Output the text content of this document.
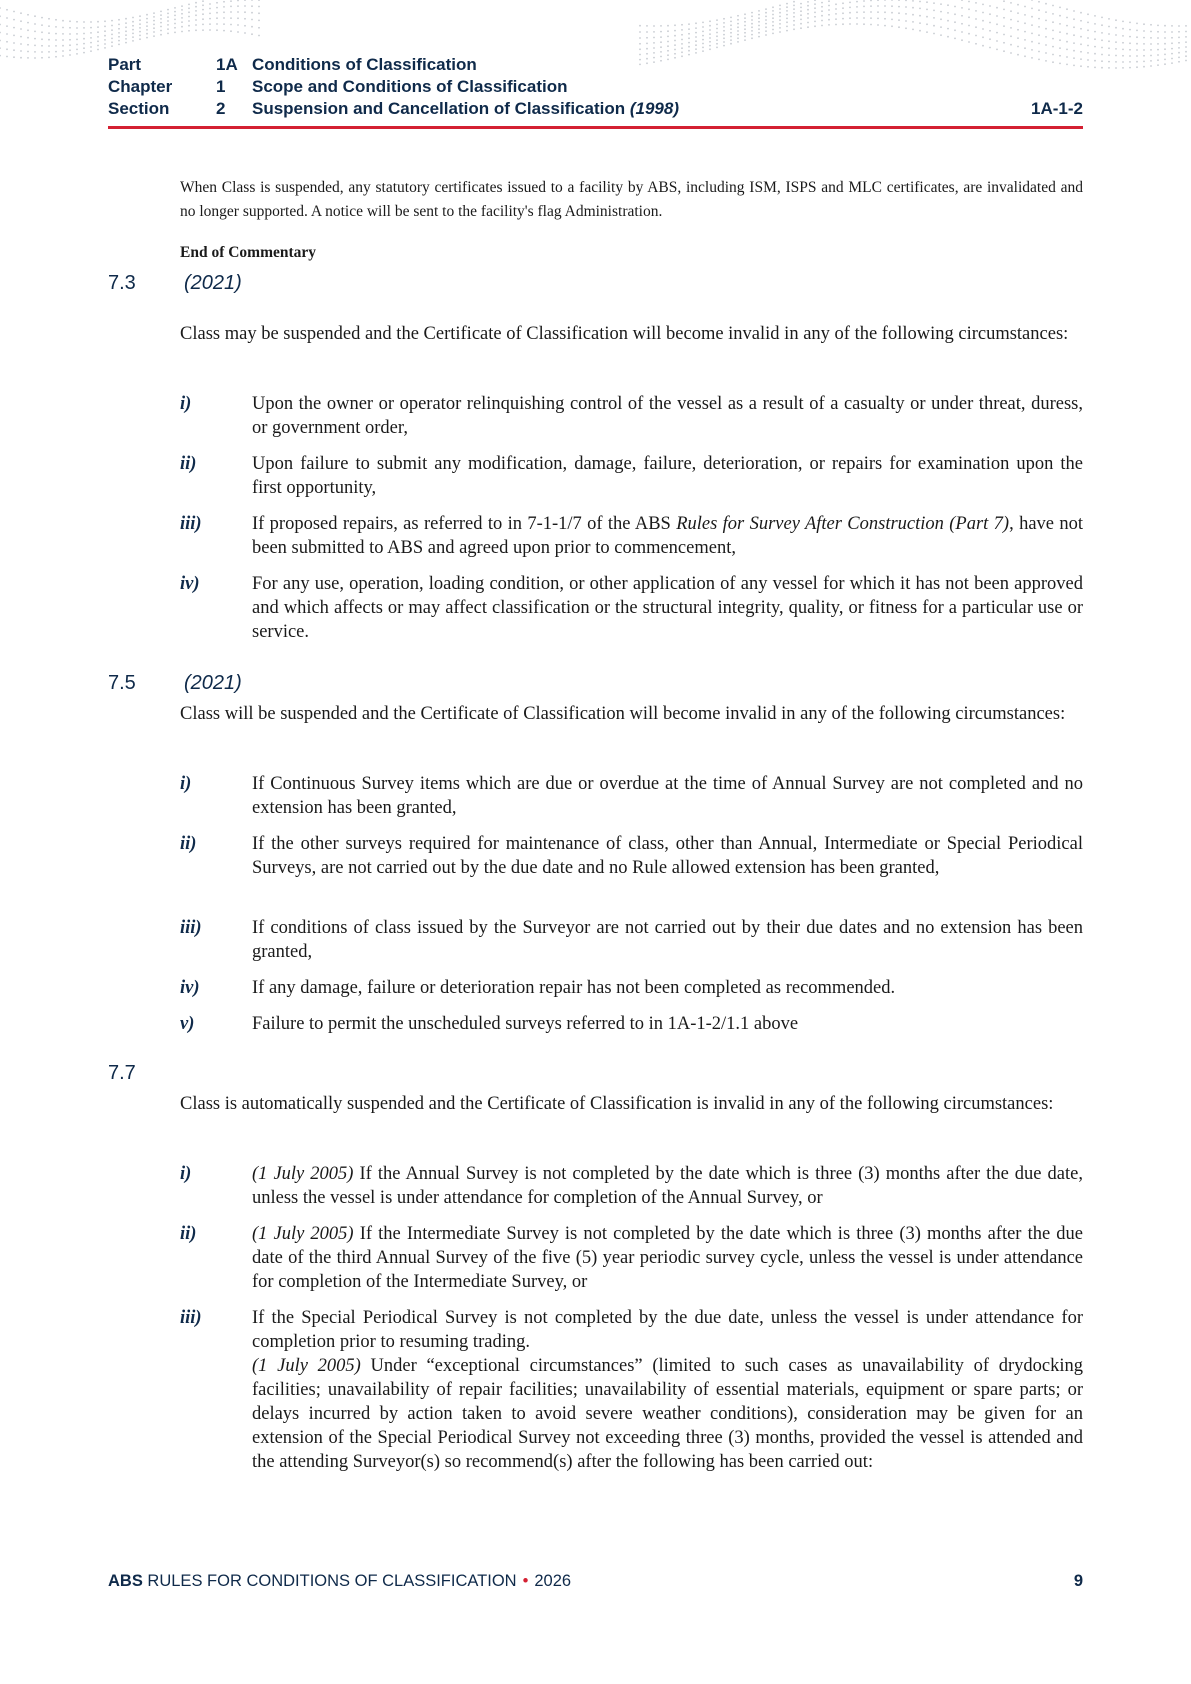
Part	1A Conditions of Classification
Chapter	1	Scope and Conditions of Classification
Section	2	Suspension and Cancellation of Classification (1998)	1A-1-2
When Class is suspended, any statutory certificates issued to a facility by ABS, including ISM, ISPS and MLC certificates, are invalidated and no longer supported. A notice will be sent to the facility's flag Administration.
End of Commentary
7.3 (2021)
Class may be suspended and the Certificate of Classification will become invalid in any of the following circumstances:
i)	Upon the owner or operator relinquishing control of the vessel as a result of a casualty or under threat, duress, or government order,
ii)	Upon failure to submit any modification, damage, failure, deterioration, or repairs for examination upon the first opportunity,
iii)	If proposed repairs, as referred to in 7-1-1/7 of the ABS Rules for Survey After Construction (Part 7), have not been submitted to ABS and agreed upon prior to commencement,
iv)	For any use, operation, loading condition, or other application of any vessel for which it has not been approved and which affects or may affect classification or the structural integrity, quality, or fitness for a particular use or service.
7.5 (2021)
Class will be suspended and the Certificate of Classification will become invalid in any of the following circumstances:
i)	If Continuous Survey items which are due or overdue at the time of Annual Survey are not completed and no extension has been granted,
ii)	If the other surveys required for maintenance of class, other than Annual, Intermediate or Special Periodical Surveys, are not carried out by the due date and no Rule allowed extension has been granted,
iii)	If conditions of class issued by the Surveyor are not carried out by their due dates and no extension has been granted,
iv)	If any damage, failure or deterioration repair has not been completed as recommended.
v)	Failure to permit the unscheduled surveys referred to in 1A-1-2/1.1 above
7.7
Class is automatically suspended and the Certificate of Classification is invalid in any of the following circumstances:
i)	(1 July 2005) If the Annual Survey is not completed by the date which is three (3) months after the due date, unless the vessel is under attendance for completion of the Annual Survey, or
ii)	(1 July 2005) If the Intermediate Survey is not completed by the date which is three (3) months after the due date of the third Annual Survey of the five (5) year periodic survey cycle, unless the vessel is under attendance for completion of the Intermediate Survey, or
iii)	If the Special Periodical Survey is not completed by the due date, unless the vessel is under attendance for completion prior to resuming trading.
(1 July 2005) Under “exceptional circumstances” (limited to such cases as unavailability of drydocking facilities; unavailability of repair facilities; unavailability of essential materials, equipment or spare parts; or delays incurred by action taken to avoid severe weather conditions), consideration may be given for an extension of the Special Periodical Survey not exceeding three (3) months, provided the vessel is attended and the attending Surveyor(s) so recommend(s) after the following has been carried out:
ABS RULES FOR CONDITIONS OF CLASSIFICATION • 2026	9
